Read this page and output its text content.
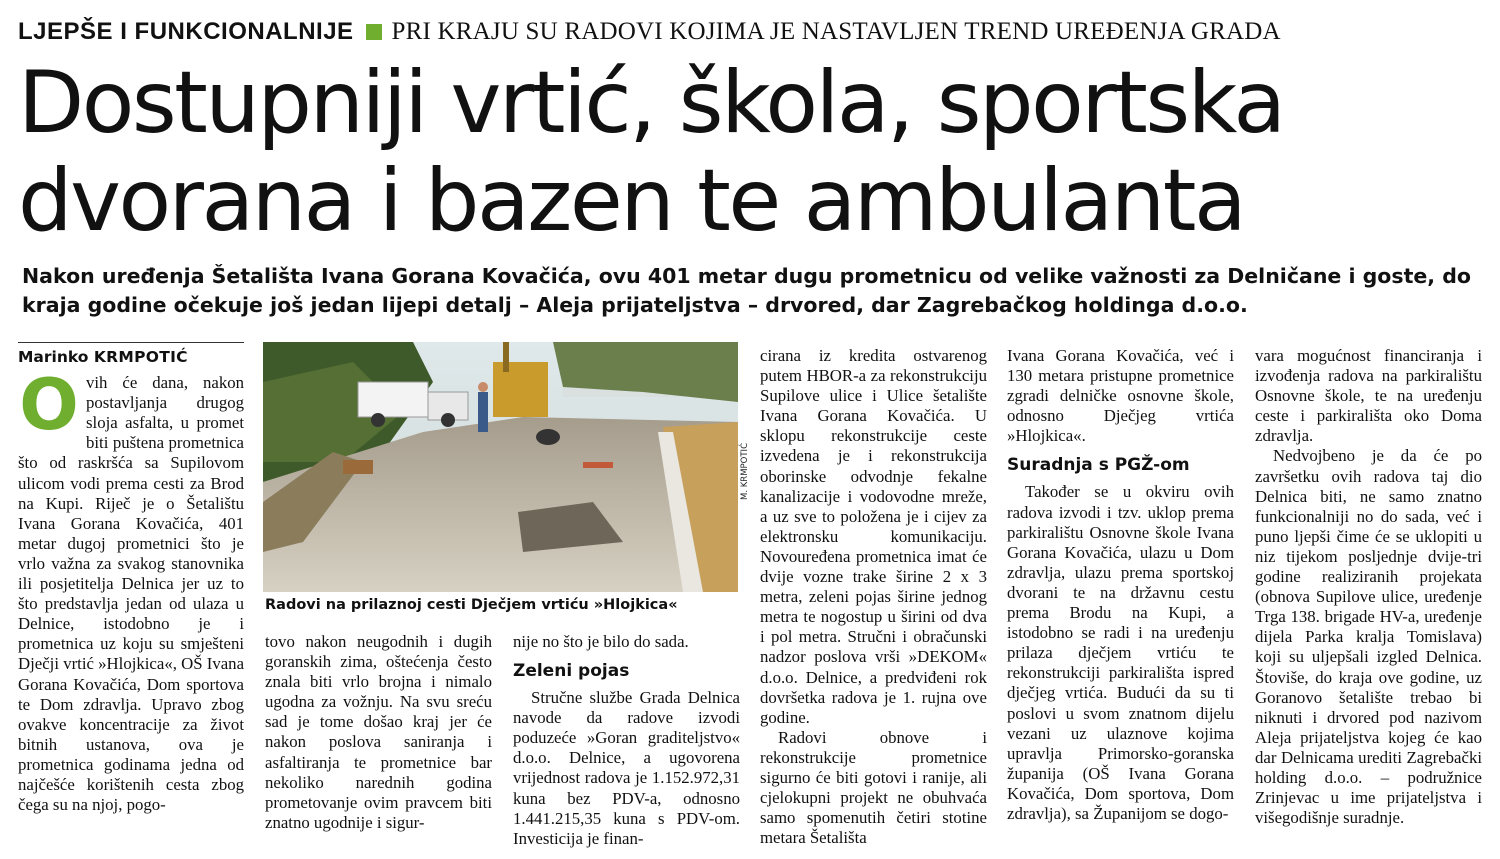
LJEPŠE I FUNKCIONALNIJE PRI KRAJU SU RADOVI KOJIMA JE NASTAVLJEN TREND UREĐENJA GRADA
Dostupniji vrtić, škola, sportska
dvorana i bazen te ambulanta

Nakon uređenja Šetališta Ivana Gorana Kovačića, ovu 401 metar dugu prometnicu od velike važnosti za Delničane i goste, do kraja godine očekuje još jedan lijepi detalj – Aleja prijateljstva – drvored, dar Zagrebačkog holdinga d.o.o.

Marinko KRMPOTIĆ
O vih će dana, nakon postavljanja drugog sloja asfalta, u promet biti puštena prometnica što od raskršća sa Supilovom ulicom vodi prema cesti za Brod na Kupi. Riječ je o Šetalištu Ivana Gorana Kovačića, 401 metar dugoj prometnici što je vrlo važna za svakog stanovnika ili posjetitelja Delnica jer uz to što predstavlja jedan od ulaza u Delnice, istodobno je i prometnica uz koju su smješteni Dječji vrtić »Hlojkica«, OŠ Ivana Gorana Kovačića, Dom sportova te Dom zdravlja. Upravo zbog ovakve koncentracije za život bitnih ustanova, ova je prometnica godinama jedna od najčešće korištenih cesta zbog čega su na njoj, pogo-

M. KRMPOTIĆ
Radovi na prilaznoj cesti Dječjem vrtiću »Hlojkica«

tovo nakon neugodnih i dugih goranskih zima, oštećenja često znala biti vrlo brojna i nimalo ugodna za vožnju. Na svu sreću sad je tome došao kraj jer će nakon poslova saniranja i asfaltiranja te prometnice bar nekoliko narednih godina prometovanje ovim pravcem biti znatno ugodnije i sigur-

nije no što je bilo do sada.

Zeleni pojas

Stručne službe Grada Delnica navode da radove izvodi poduzeće »Goran graditeljstvo« d.o.o. Delnice, a ugovorena vrijednost radova je 1.152.972,31 kuna bez PDV-a, odnosno 1.441.215,35 kuna s PDV-om. Investicija je finan-

cirana iz kredita ostvarenog putem HBOR-a za rekonstrukciju Supilove ulice i Ulice šetalište Ivana Gorana Kovačića. U sklopu rekonstrukcije ceste izvedena je i rekonstrukcija oborinske odvodnje fekalne kanalizacije i vodovodne mreže, a uz sve to položena je i cijev za elektronsku komunikaciju. Novouređena prometnica imat će dvije vozne trake širine 2 x 3 metra, zeleni pojas širine jednog metra te nogostup u širini od dva i pol metra. Stručni i obračunski nadzor poslova vrši »DEKOM« d.o.o. Delnice, a predviđeni rok dovršetka radova je 1. rujna ove godine.

Radovi obnove i rekonstrukcije prometnice sigurno će biti gotovi i ranije, ali cjelokupni projekt ne obuhvaća samo spomenutih četiri stotine metara Šetališta

Ivana Gorana Kovačića, već i 130 metara pristupne prometnice zgradi delničke osnovne škole, odnosno Dječjeg vrtića »Hlojkica«.

Suradnja s PGŽ-om

Također se u okviru ovih radova izvodi i tzv. uklop prema parkiralištu Osnovne škole Ivana Gorana Kovačića, ulazu u Dom zdravlja, ulazu prema sportskoj dvorani te na državnu cestu prema Brodu na Kupi, a istodobno se radi i na uređenju prilaza dječjem vrtiću te rekonstrukciji parkirališta ispred dječjeg vrtića. Budući da su ti poslovi u svom znatnom dijelu vezani uz ulaznove kojima upravlja Primorsko-goranska županija (OŠ Ivana Gorana Kovačića, Dom sportova, Dom zdravlja), sa Županijom se dogo-

vara mogućnost financiranja i izvođenja radova na parkiralištu Osnovne škole, te na uređenju ceste i parkirališta oko Doma zdravlja.

Nedvojbeno je da će po završetku ovih radova taj dio Delnica biti, ne samo znatno funkcionalniji no do sada, već i puno ljepši čime će se uklopiti u niz tijekom posljednje dvije-tri godine realiziranih projekata (obnova Supilove ulice, uređenje Trga 138. brigade HV-a, uređenje dijela Parka kralja Tomislava) koji su uljepšali izgled Delnica. Štoviše, do kraja ove godine, uz Goranovo šetalište trebao bi niknuti i drvored pod nazivom Aleja prijateljstva kojeg će kao dar Delnicama urediti Zagrebački holding d.o.o. – podružnice Zrinjevac u ime prijateljstva i višegodišnje suradnje.
